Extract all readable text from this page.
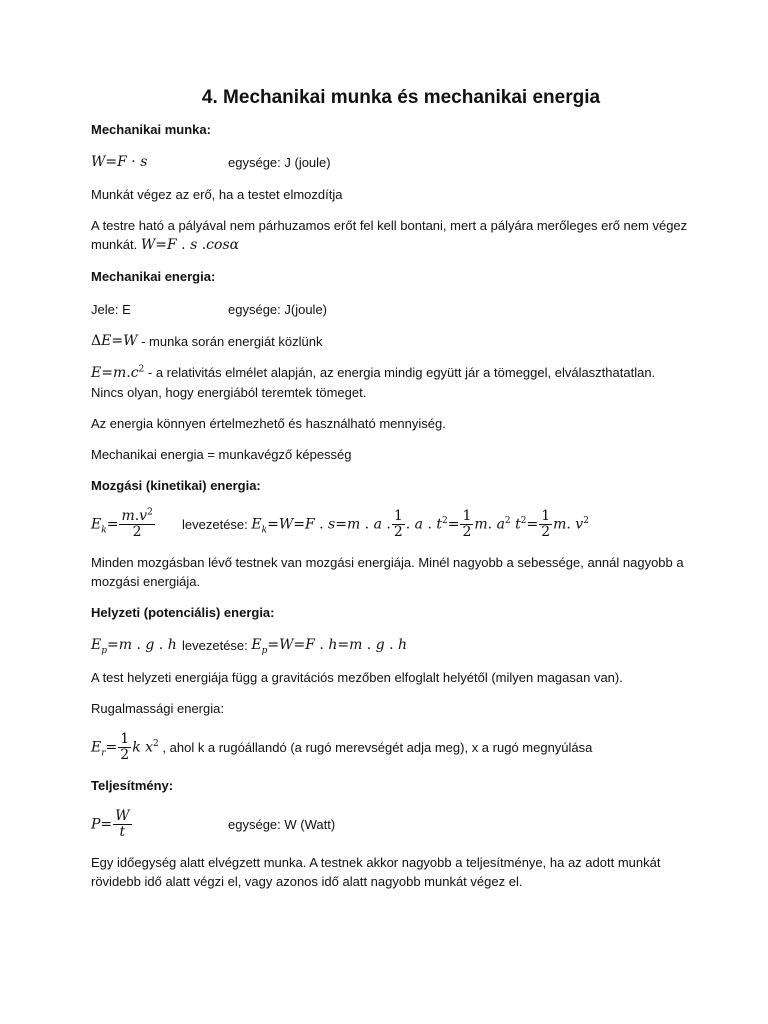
4. Mechanikai munka és mechanikai energia
Mechanikai munka:
W=F · s	egysége: J (joule)

Munkát végez az erő, ha a testet elmozdítja

A testre ható a pályával nem párhuzamos erőt fel kell bontani, mert a pályára merőleges erő nem végez munkát. W=F . s .cosα

Mechanikai energia:
Jele: E	egysége: J(joule)
ΔE=W
- munka során energiát közlünk

$E=m.c^2 - a$ relativitás elmélet alapján, az energia mindig együtt jár a tömeggel, elválaszthatatlan. Nincs olyan, hogy energiából teremtek tömeget.

Az energia könnyen értelmezhető és használható mennyiség.

Mechanikai energia = munkavégző képesség

Mozgási (kinetikai) energia:
$E_k= \frac{m.v^2}{2}$ levezetése:
$E_k=W=F$ . s=m . a . $\frac{1}{2}$ . a . $t^2= \frac{1}{2} m$. $a^2$ $t^2= \frac{1}{2} m$. $v^2$

Minden mozgásban lévő testnek van mozgási energiája. Minél nagyobb a sebessége, annál nagyobb a mozgási energiája.

Helyzeti (potenciális) energia:
$E_p=m$ . g . h levezetése:
$E_p=W=F$ . h=m . g . h

A test helyzeti energiája függ a gravitációs mezőben elfoglalt helyétől (milyen magasan van).

Rugalmassági energia:

$E_r= \frac{1}{2}$ k $x^2$
, ahol k a rugóállandó (a rugó merevségét adja meg), x a rugó megnyúlása
Teljesítmény:
$P= \frac{W}{t}$	egysége: W (Watt)

Egy időegység alatt elvégzett munka. A testnek akkor nagyobb a teljesítménye, ha az adott munkát rövidebb idő alatt végzi el, vagy azonos idő alatt nagyobb munkát végez el.
